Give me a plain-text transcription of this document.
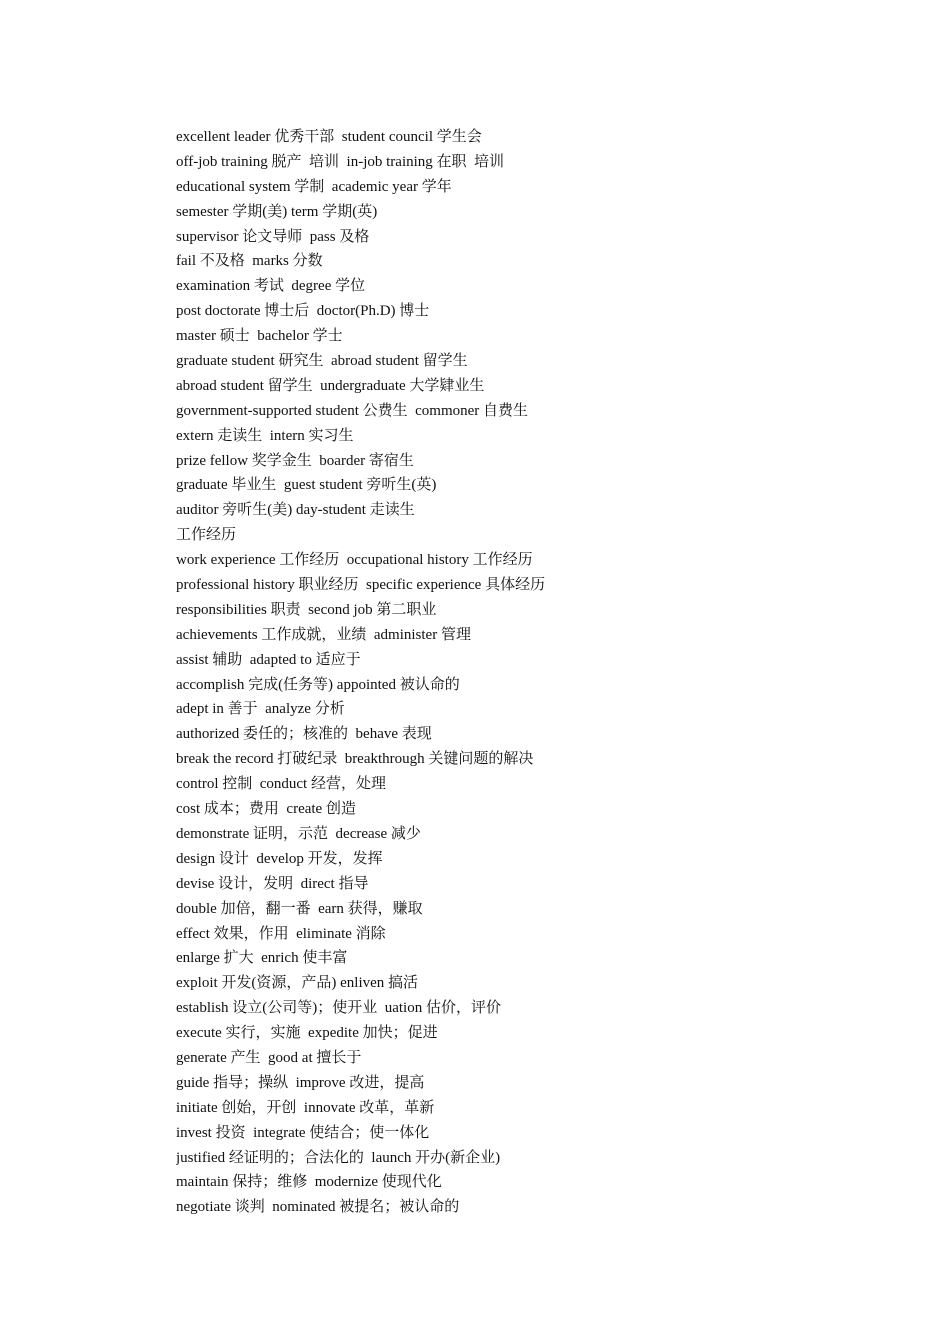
excellent leader 优秀干部  student council 学生会
off-job training 脱产  培训  in-job training 在职  培训
educational system 学制  academic year 学年
semester 学期(美) term 学期(英)
supervisor 论文导师  pass 及格
fail 不及格  marks 分数
examination 考试  degree 学位
post doctorate 博士后  doctor(Ph.D) 博士
master 硕士  bachelor 学士
graduate student 研究生  abroad student 留学生
abroad student 留学生  undergraduate 大学肄业生
government-supported student 公费生  commoner 自费生
extern 走读生  intern 实习生
prize fellow 奖学金生  boarder 寄宿生
graduate 毕业生  guest student 旁听生(英)
auditor 旁听生(美) day-student 走读生
工作经历
work experience 工作经历  occupational history 工作经历
professional history 职业经历  specific experience 具体经历
responsibilities 职责  second job 第二职业
achievements 工作成就，业绩  administer 管理
assist 辅助  adapted to 适应于
accomplish 完成(任务等) appointed 被认命的
adept in 善于  analyze 分析
authorized 委任的；核准的  behave 表现
break the record 打破纪录  breakthrough 关键问题的解决
control 控制  conduct 经营，处理
cost 成本；费用  create 创造
demonstrate 证明，示范  decrease 减少
design 设计  develop 开发，发挥
devise 设计，发明  direct 指导
double 加倍，翻一番  earn 获得，赚取
effect 效果，作用  eliminate 消除
enlarge 扩大  enrich 使丰富
exploit 开发(资源，产品) enliven 搞活
establish 设立(公司等)；使开业  uation 估价，评价
execute 实行，实施  expedite 加快；促进
generate 产生  good at 擅长于
guide 指导；操纵  improve 改进，提高
initiate 创始，开创  innovate 改革，革新
invest 投资  integrate 使结合；使一体化
justified 经证明的；合法化的  launch 开办(新企业)
maintain 保持；维修  modernize 使现代化
negotiate 谈判  nominated 被提名；被认命的
